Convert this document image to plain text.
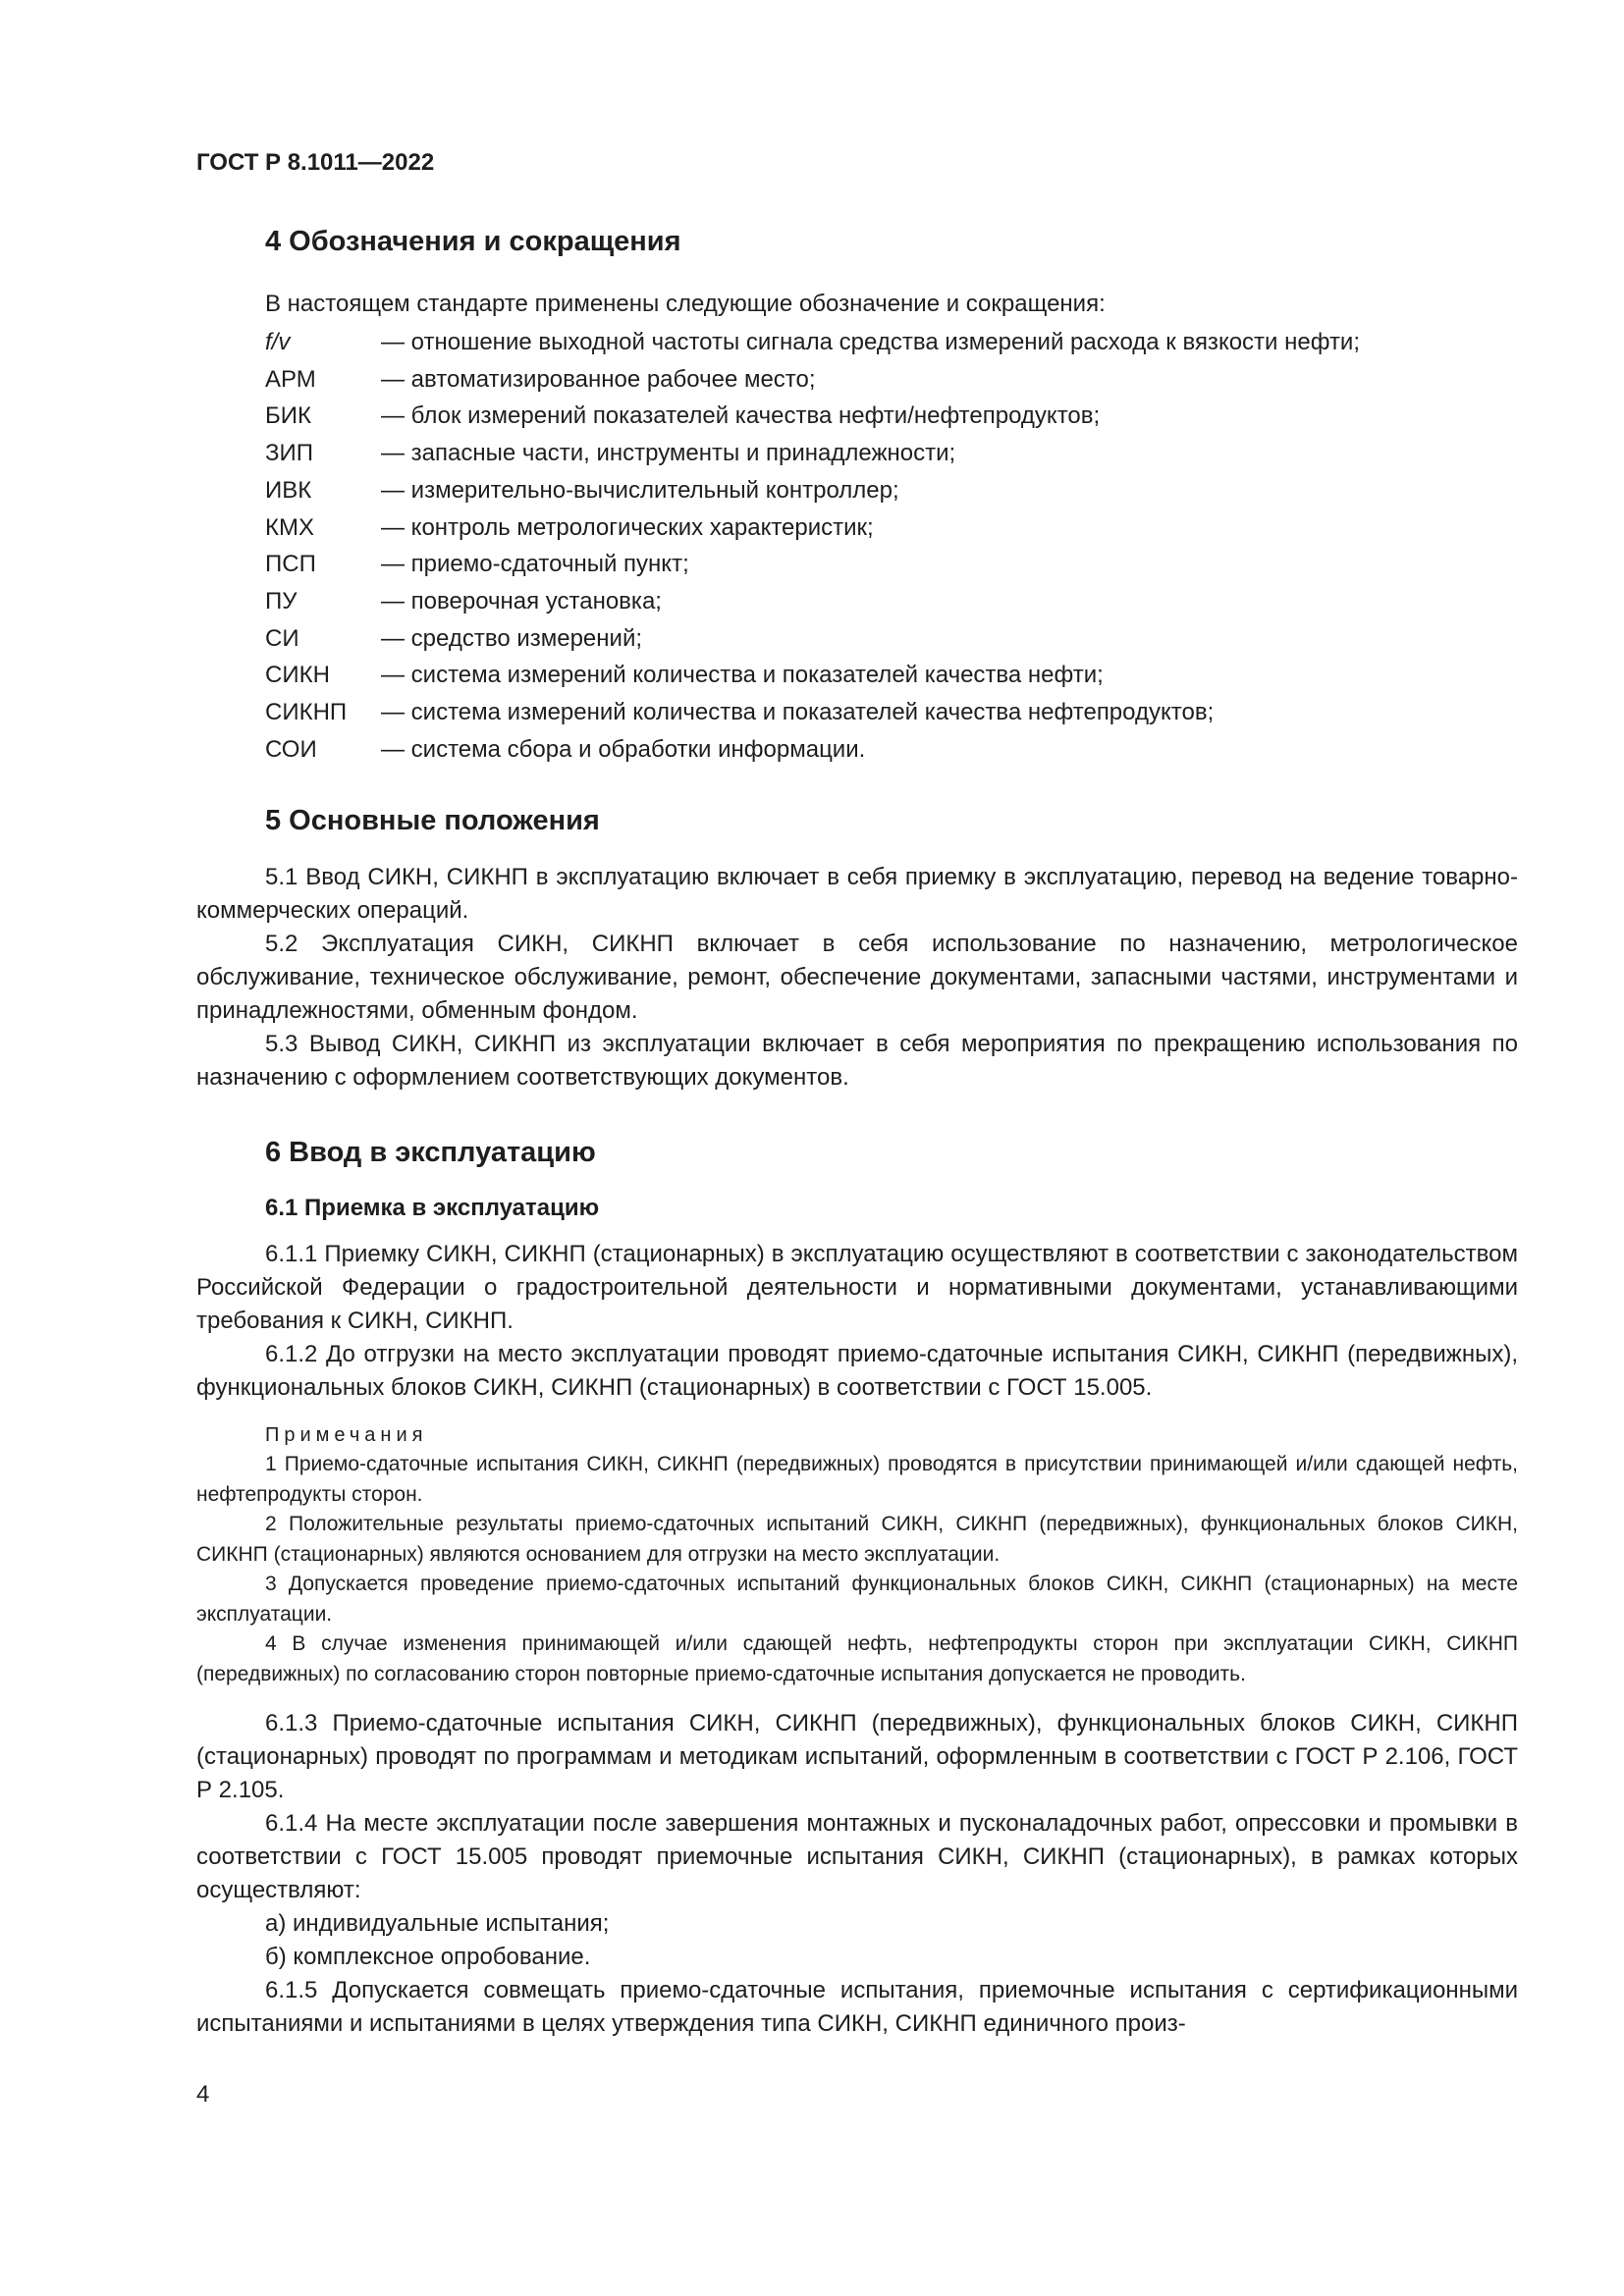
ГОСТ Р 8.1011—2022
4 Обозначения и сокращения

В настоящем стандарте применены следующие обозначение и сокращения:

f/v	— отношение выходной частоты сигнала средства измерений расхода к вязкости нефти;
АРМ	— автоматизированное рабочее место;
БИК	— блок измерений показателей качества нефти/нефтепродуктов;
ЗИП	— запасные части, инструменты и принадлежности;
ИВК	— измерительно-вычислительный контроллер;
КМХ	— контроль метрологических характеристик;
ПСП	— приемо-сдаточный пункт;
ПУ	— поверочная установка;
СИ	— средство измерений;
СИКН	— система измерений количества и показателей качества нефти;
СИКНП	— система измерений количества и показателей качества нефтепродуктов;
СОИ	— система сбора и обработки информации.
5 Основные положения

5.1 Ввод СИКН, СИКНП в эксплуатацию включает в себя приемку в эксплуатацию, перевод на ведение товарно-коммерческих операций.

5.2 Эксплуатация СИКН, СИКНП включает в себя использование по назначению, метрологическое обслуживание, техническое обслуживание, ремонт, обеспечение документами, запасными частями, инструментами и принадлежностями, обменным фондом.

5.3 Вывод СИКН, СИКНП из эксплуатации включает в себя мероприятия по прекращению использования по назначению с оформлением соответствующих документов.

6 Ввод в эксплуатацию
6.1 Приемка в эксплуатацию

6.1.1 Приемку СИКН, СИКНП (стационарных) в эксплуатацию осуществляют в соответствии с законодательством Российской Федерации о градостроительной деятельности и нормативными документами, устанавливающими требования к СИКН, СИКНП.

6.1.2 До отгрузки на место эксплуатации проводят приемо-сдаточные испытания СИКН, СИКНП (передвижных), функциональных блоков СИКН, СИКНП (стационарных) в соответствии с ГОСТ 15.005.

Примечания

1 Приемо-сдаточные испытания СИКН, СИКНП (передвижных) проводятся в присутствии принимающей и/или сдающей нефть, нефтепродукты сторон.

2 Положительные результаты приемо-сдаточных испытаний СИКН, СИКНП (передвижных), функциональных блоков СИКН, СИКНП (стационарных) являются основанием для отгрузки на место эксплуатации.

3 Допускается проведение приемо-сдаточных испытаний функциональных блоков СИКН, СИКНП (стационарных) на месте эксплуатации.

4 В случае изменения принимающей и/или сдающей нефть, нефтепродукты сторон при эксплуатации СИКН, СИКНП (передвижных) по согласованию сторон повторные приемо-сдаточные испытания допускается не проводить.

6.1.3 Приемо-сдаточные испытания СИКН, СИКНП (передвижных), функциональных блоков СИКН, СИКНП (стационарных) проводят по программам и методикам испытаний, оформленным в соответствии с ГОСТ Р 2.106, ГОСТ Р 2.105.

6.1.4 На месте эксплуатации после завершения монтажных и пусконаладочных работ, опрессовки и промывки в соответствии с ГОСТ 15.005 проводят приемочные испытания СИКН, СИКНП (стационарных), в рамках которых осуществляют:

а) индивидуальные испытания;

б) комплексное опробование.

6.1.5 Допускается совмещать приемо-сдаточные испытания, приемочные испытания с сертификационными испытаниями и испытаниями в целях утверждения типа СИКН, СИКНП единичного произ-

4
